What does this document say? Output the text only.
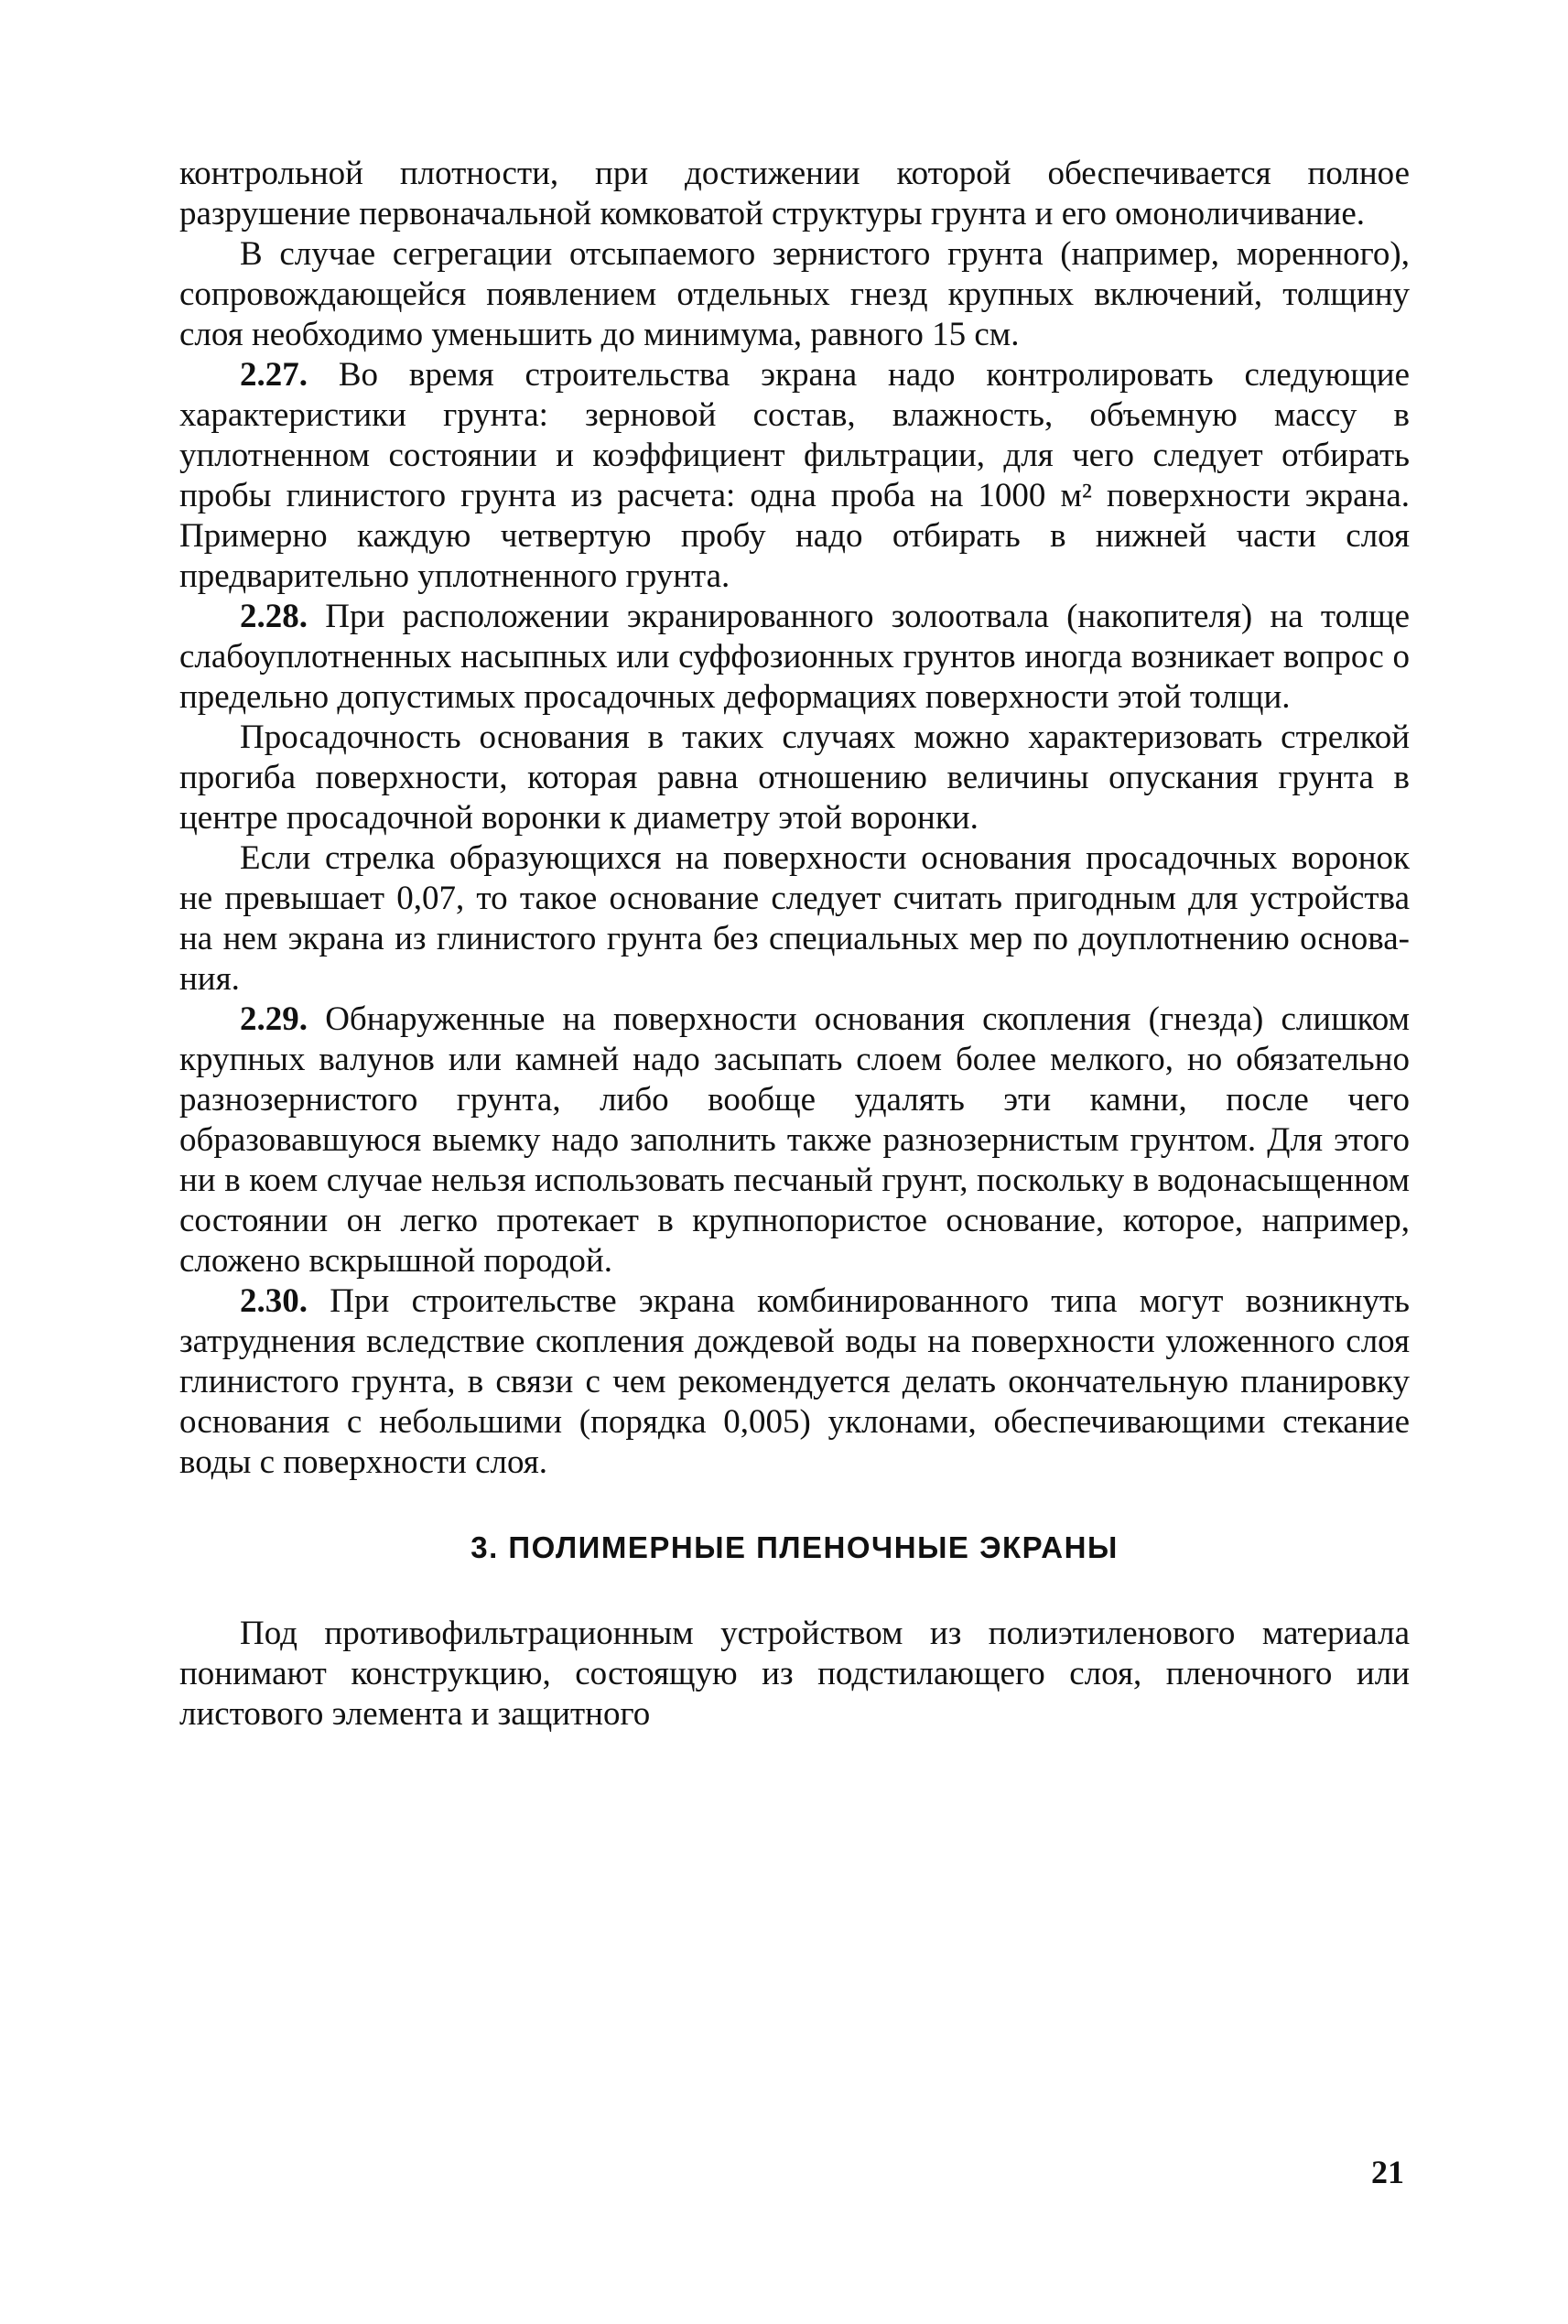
контрольной плотности, при достижении которой обеспечивается полное разрушение первоначальной комковатой структуры грунта и его омоноличивание.

В случае сегрегации отсыпаемого зернистого грунта (например, моренного), сопровождающейся появлением отдельных гнезд крупных включений, толщину слоя необходимо уменьшить до минимума, равного 15 см.

2.27. Во время строительства экрана надо контролировать следующие характеристики грунта: зерновой состав, влажность, объемную массу в уплотненном состоянии и коэффициент фильтрации, для чего следует отбирать пробы глинистого грунта из расчета: одна проба на 1000 м² поверхности экрана. Примерно каждую четвертую пробу надо отбирать в нижней части слоя предварительно уплотненного грунта.

2.28. При расположении экранированного золоотвала (накопителя) на толще слабоуплотненных насыпных или суффозионных грунтов иногда возникает вопрос о предельно допустимых просадочных деформациях поверхности этой толщи.

Просадочность основания в таких случаях можно характеризовать стрелкой прогиба поверхности, которая равна отношению величины опускания грунта в центре просадочной воронки к диаметру этой воронки.

Если стрелка образующихся на поверхности основания просадочных воронок не превышает 0,07, то такое основание следует считать пригодным для устройства на нем экрана из глинистого грунта без специальных мер по доуплотнению основания.

2.29. Обнаруженные на поверхности основания скопления (гнезда) слишком крупных валунов или камней надо засыпать слоем более мелкого, но обязательно разнозернистого грунта, либо вообще удалять эти камни, после чего образовавшуюся выемку надо заполнить также разнозернистым грунтом. Для этого ни в коем случае нельзя использовать песчаный грунт, поскольку в водонасыщенном состоянии он легко протекает в крупнопористое основание, которое, например, сложено вскрышной породой.

2.30. При строительстве экрана комбинированного типа могут возникнуть затруднения вследствие скопления дождевой воды на поверхности уложенного слоя глинистого грунта, в связи с чем рекомендуется делать окончательную планировку основания с небольшими (порядка 0,005) уклонами, обеспечивающими стекание воды с поверхности слоя.

3. ПОЛИМЕРНЫЕ ПЛЕНОЧНЫЕ ЭКРАНЫ

Под противофильтрационным устройством из полиэтиленового материала понимают конструкцию, состоящую из подстилающего слоя, пленочного или листового элемента и защитного

21
